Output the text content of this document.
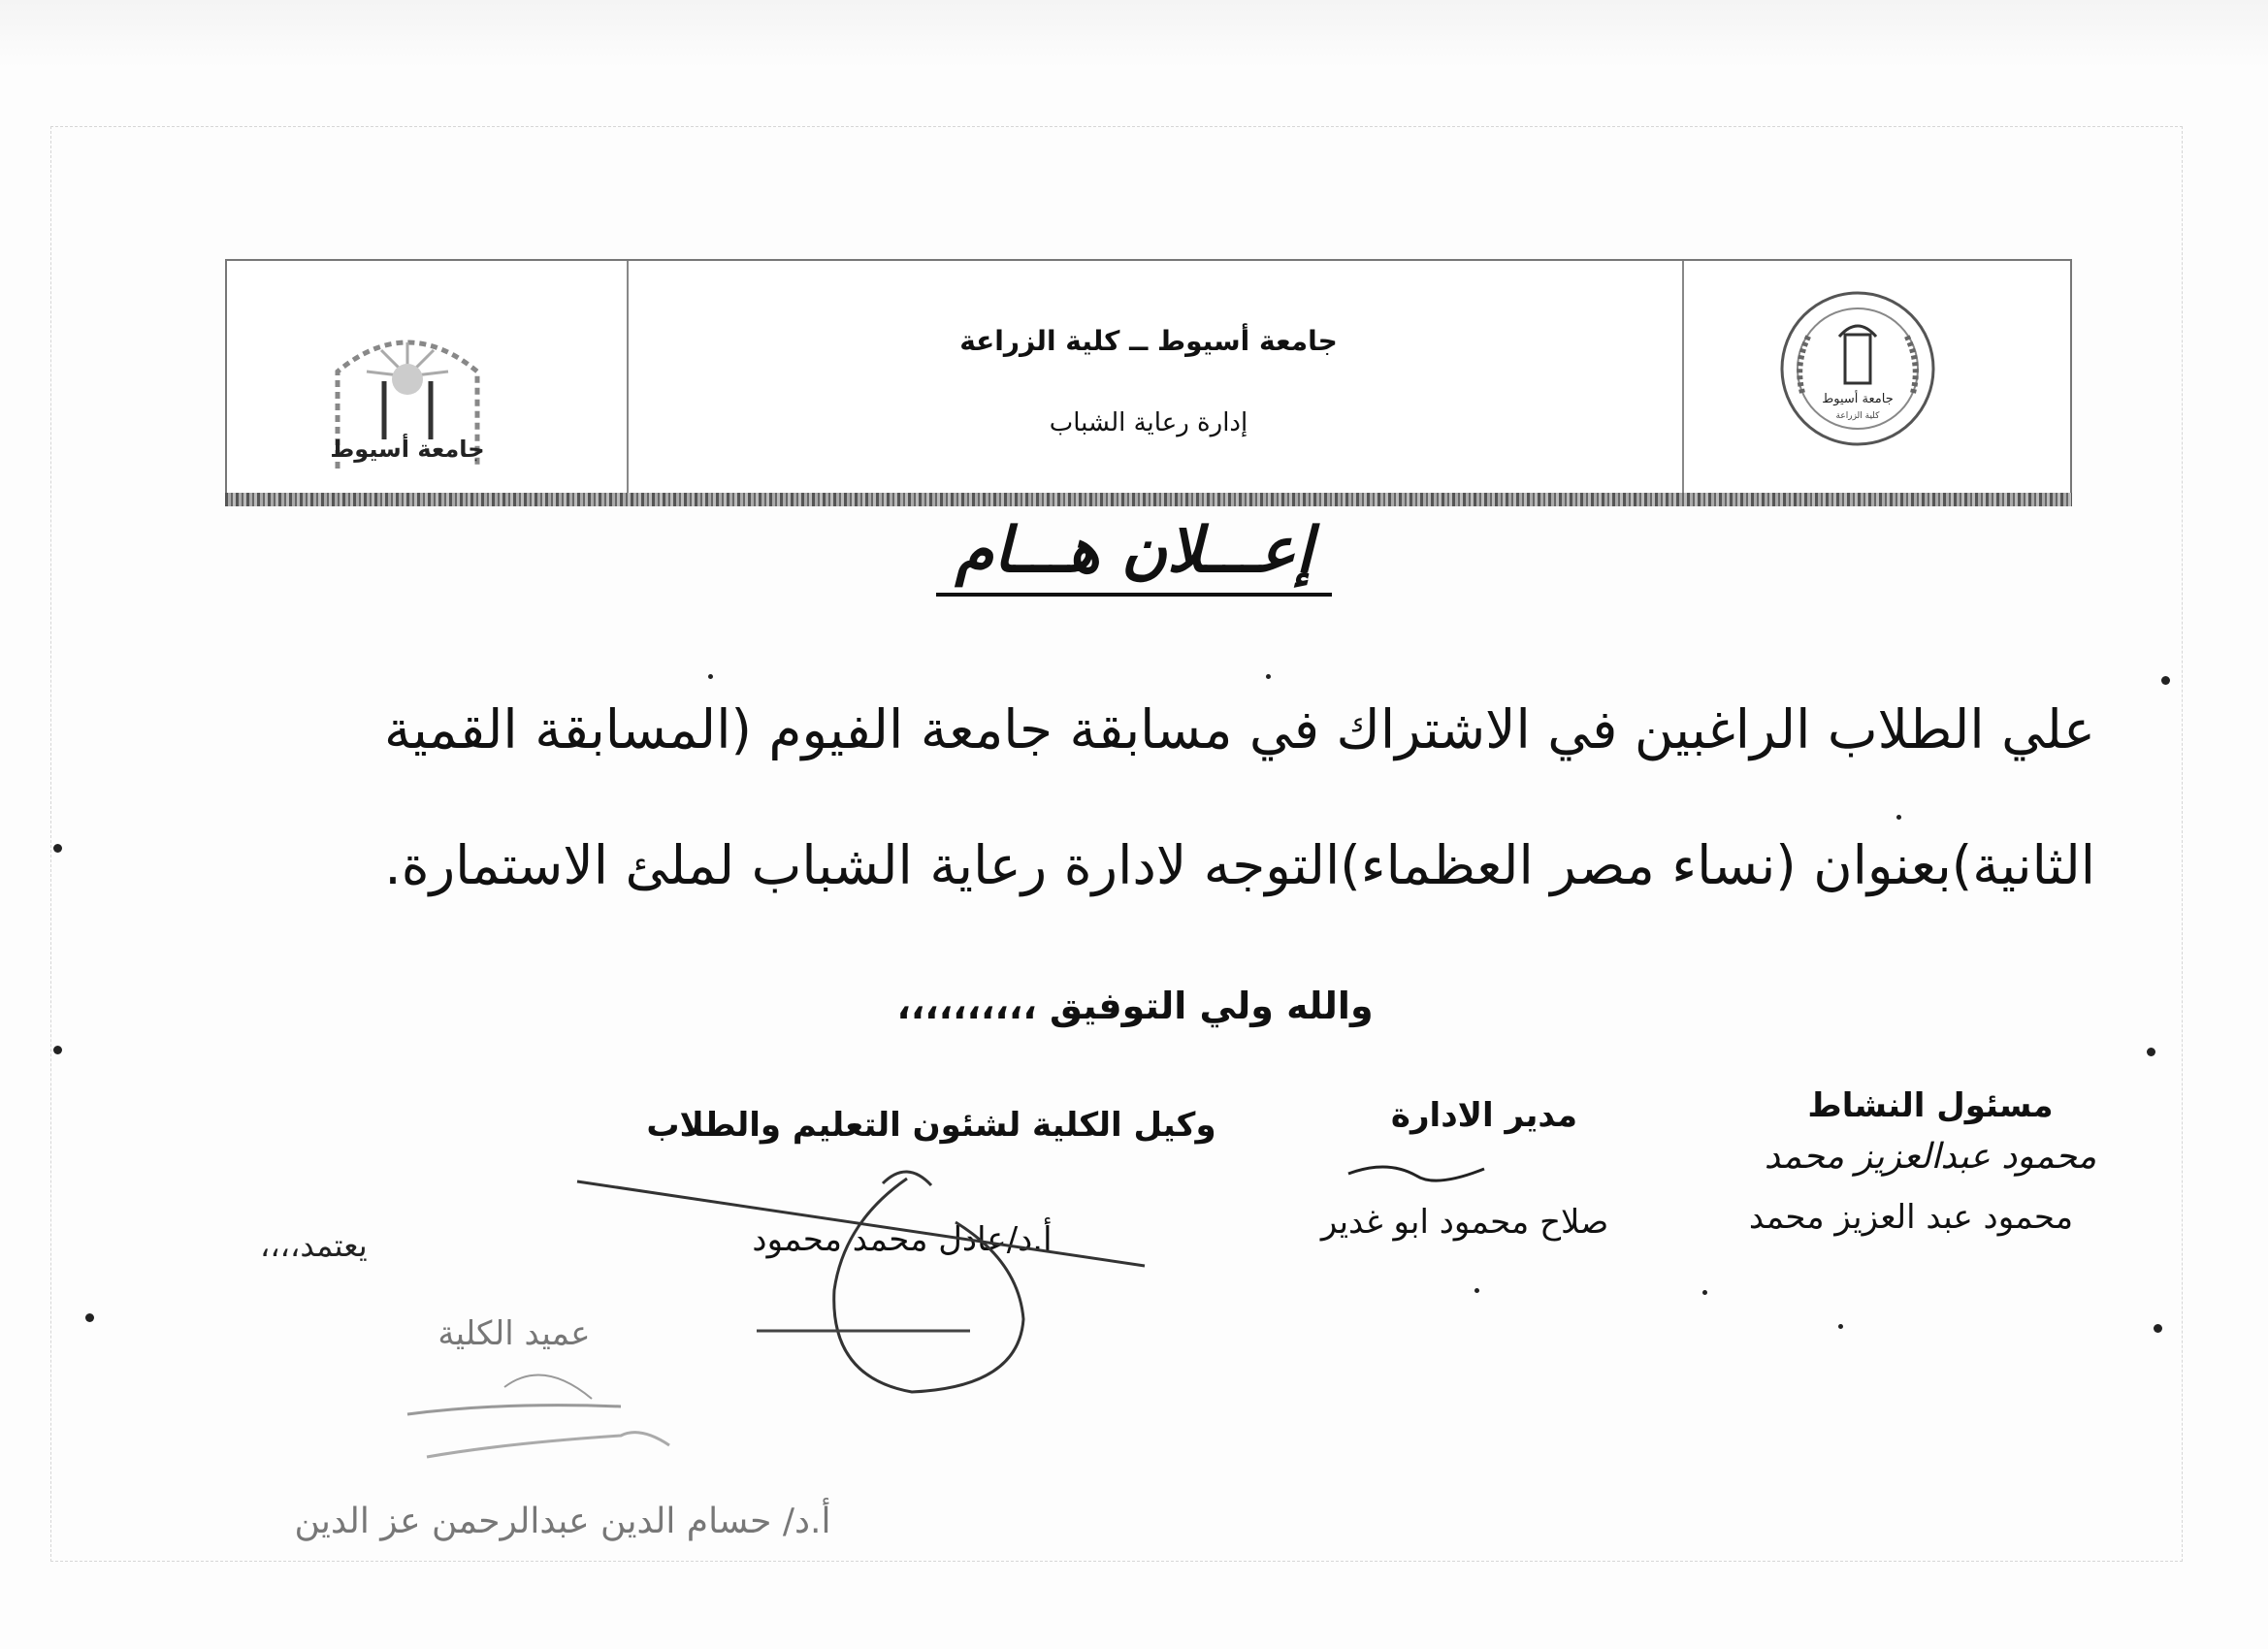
جامعة أسيوط ــ كلية الزراعة
إدارة رعاية الشباب
جامعة أسيوط
كلية الزراعة
جامعة أسيوط
إعـــلان هـــام
علي الطلاب الراغبين في الاشتراك في مسابقة جامعة الفيوم (المسابقة القمية
الثانية)بعنوان (نساء مصر العظماء)التوجه لادارة رعاية الشباب لملئ الاستمارة.
والله ولي التوفيق ،،،،،،،،،،
مسئول النشاط
محمود عبدالعزيز محمد
محمود عبد العزيز محمد
مدير الادارة
صلاح محمود ابو غدير
وكيل الكلية لشئون التعليم والطلاب
أ.د/عادل محمد محمود
يعتمد،،،،
عميد الكلية
أ.د/ حسام الدين عبدالرحمن عز الدين
